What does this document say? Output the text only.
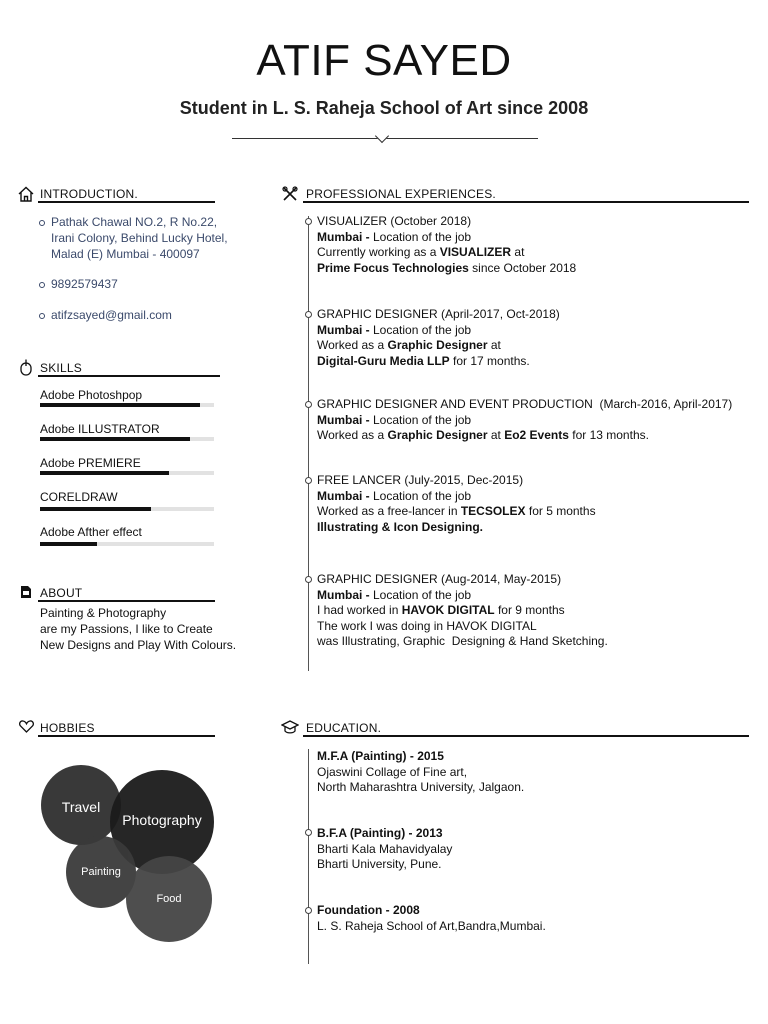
ATIF SAYED
Student in L. S. Raheja School of Art since 2008
INTRODUCTION.
Pathak Chawal NO.2, R No.22,
Irani Colony, Behind Lucky Hotel,
Malad (E) Mumbai - 400097
9892579437
atifzsayed@gmail.com
SKILLS
Adobe Photoshpop
Adobe ILLUSTRATOR
Adobe PREMIERE
CORELDRAW
Adobe Afther effect
ABOUT
Painting & Photography
are my Passions, I like to Create
New Designs and Play With Colours.
HOBBIES
Travel
Photography
Painting
Food
PROFESSIONAL EXPERIENCES.
VISUALIZER (October 2018)
Mumbai - Location of the job
Currently working as a VISUALIZER at
Prime Focus Technologies since October 2018
GRAPHIC DESIGNER (April-2017, Oct-2018)
Mumbai - Location of the job
Worked as a Graphic Designer at
Digital-Guru Media LLP for 17 months.
GRAPHIC DESIGNER AND EVENT PRODUCTION  (March-2016, April-2017)
Mumbai - Location of the job
Worked as a Graphic Designer at Eo2 Events for 13 months.
FREE LANCER (July-2015, Dec-2015)
Mumbai - Location of the job
Worked as a free-lancer in TECSOLEX for 5 months
Illustrating & Icon Designing.
GRAPHIC DESIGNER (Aug-2014, May-2015)
Mumbai - Location of the job
I had worked in HAVOK DIGITAL for 9 months
The work I was doing in HAVOK DIGITAL
was Illustrating, Graphic  Designing & Hand Sketching.
EDUCATION.
M.F.A (Painting) - 2015
Ojaswini Collage of Fine art,
North Maharashtra University, Jalgaon.
B.F.A (Painting) - 2013
Bharti Kala Mahavidyalay
Bharti University, Pune.
Foundation - 2008
L. S. Raheja School of Art,Bandra,Mumbai.
